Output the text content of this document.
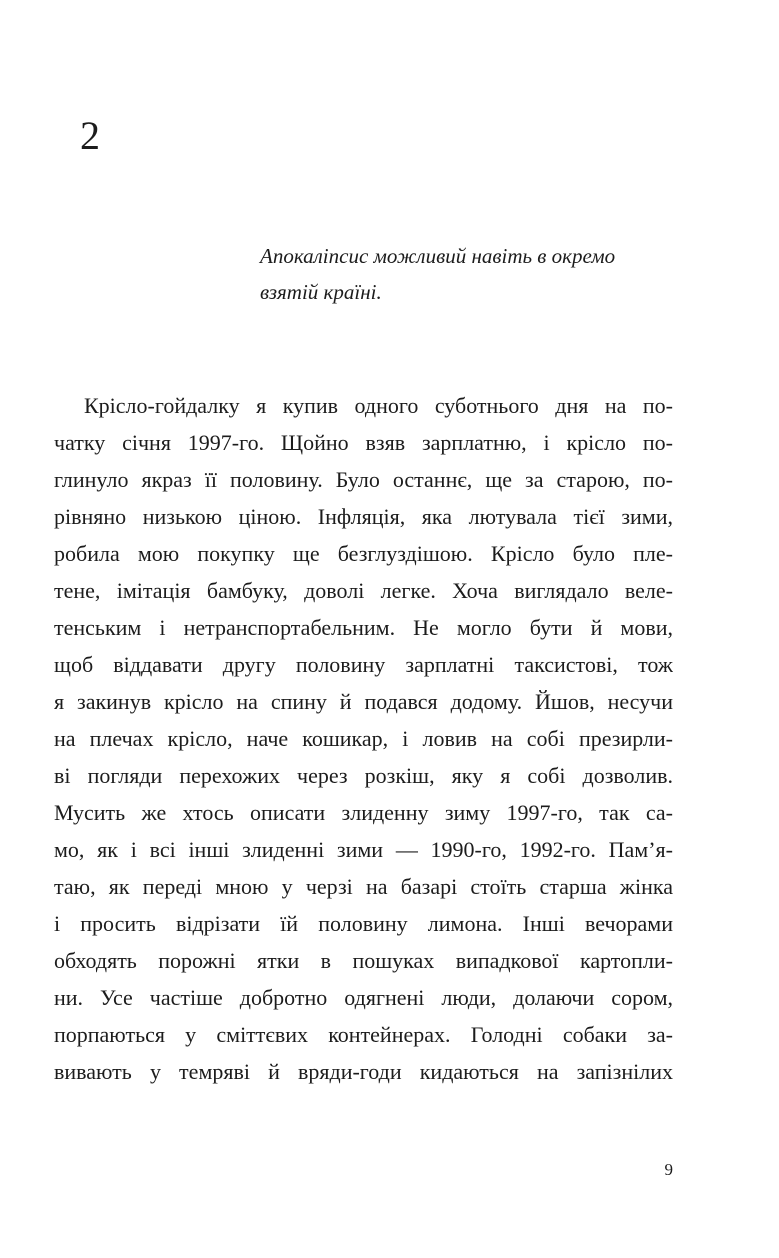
2
Апокаліпсис можливий навіть в окремо
взятій країні.
Крісло-гойдалку я купив одного суботнього дня на по-
чатку січня 1997-го. Щойно взяв зарплатню, і крісло по-
глинуло якраз її половину. Було останнє, ще за старою, по-
рівняно низькою ціною. Інфляція, яка лютувала тієї зими,
робила мою покупку ще безглуздішою. Крісло було пле-
тене, імітація бамбуку, доволі легке. Хоча виглядало веле-
тенським і нетранспортабельним. Не могло бути й мови,
щоб віддавати другу половину зарплатні таксистові, тож
я закинув крісло на спину й подався додому. Йшов, несучи
на плечах крісло, наче кошикар, і ловив на собі презирли-
ві погляди перехожих через розкіш, яку я собі дозволив.
Мусить же хтось описати злиденну зиму 1997-го, так са-
мо, як і всі інші злиденні зими — 1990-го, 1992-го. Пам’я-
таю, як переді мною у черзі на базарі стоїть старша жінка
і просить відрізати їй половину лимона. Інші вечорами
обходять порожні ятки в пошуках випадкової картопли-
ни. Усе частіше добротно одягнені люди, долаючи сором,
порпаються у сміттєвих контейнерах. Голодні собаки за-
вивають у темряві й вряди-годи кидаються на запізнілих
9
